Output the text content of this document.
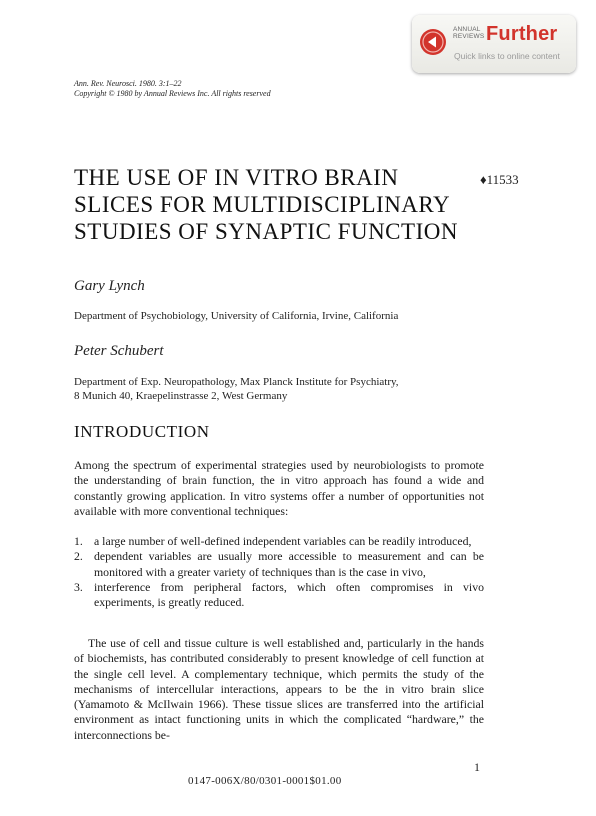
ANNUAL
REVIEWS Further
Quick links to online content
Ann. Rev. Neurosci. 1980. 3:1–22
Copyright © 1980 by Annual Reviews Inc. All rights reserved
THE USE OF IN VITRO BRAIN
SLICES FOR MULTIDISCIPLINARY
STUDIES OF SYNAPTIC FUNCTION
♦11533
Gary Lynch
Department of Psychobiology, University of California, Irvine, California
Peter Schubert
Department of Exp. Neuropathology, Max Planck Institute for Psychiatry,
8 Munich 40, Kraepelinstrasse 2, West Germany
INTRODUCTION
Among the spectrum of experimental strategies used by neurobiologists to promote the understanding of brain function, the in vitro approach has found a wide and constantly growing application. In vitro systems offer a number of opportunities not available with more conventional techniques:
1. a large number of well-defined independent variables can be readily introduced,
2. dependent variables are usually more accessible to measurement and can be monitored with a greater variety of techniques than is the case in vivo,
3. interference from peripheral factors, which often compromises in vivo experiments, is greatly reduced.
The use of cell and tissue culture is well established and, particularly in the hands of biochemists, has contributed considerably to present knowledge of cell function at the single cell level. A complementary technique, which permits the study of the mechanisms of intercellular interactions, appears to be the in vitro brain slice (Yamamoto & McIlwain 1966). These tissue slices are transferred into the artificial environment as intact functioning units in which the complicated “hardware,” the interconnections be-
1
0147-006X/80/0301-0001$01.00
